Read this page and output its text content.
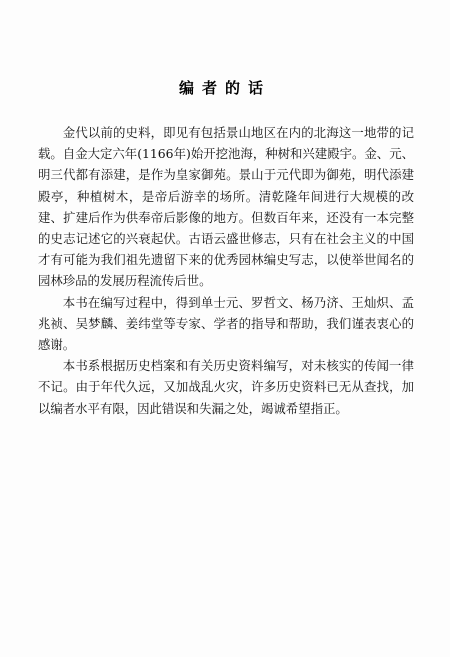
编者的话

金代以前的史料，即见有包括景山地区在内的北海这一地带的记载。自金大定六年(1166年)始开挖池海，种树和兴建殿宇。金、元、明三代都有添建，是作为皇家御苑。景山于元代即为御苑，明代添建殿亭，种植树木，是帝后游幸的场所。清乾隆年间进行大规模的改建、扩建后作为供奉帝后影像的地方。但数百年来，还没有一本完整的史志记述它的兴衰起伏。古语云盛世修志，只有在社会主义的中国才有可能为我们祖先遗留下来的优秀园林编史写志，以使举世闻名的园林珍品的发展历程流传后世。

本书在编写过程中，得到单士元、罗哲文、杨乃济、王灿炽、孟兆祯、吴梦麟、姜纬堂等专家、学者的指导和帮助，我们谨表衷心的感谢。

本书系根据历史档案和有关历史资料编写，对未核实的传闻一律不记。由于年代久远，又加战乱火灾，许多历史资料已无从查找，加以编者水平有限，因此错误和失漏之处，竭诚希望指正。
